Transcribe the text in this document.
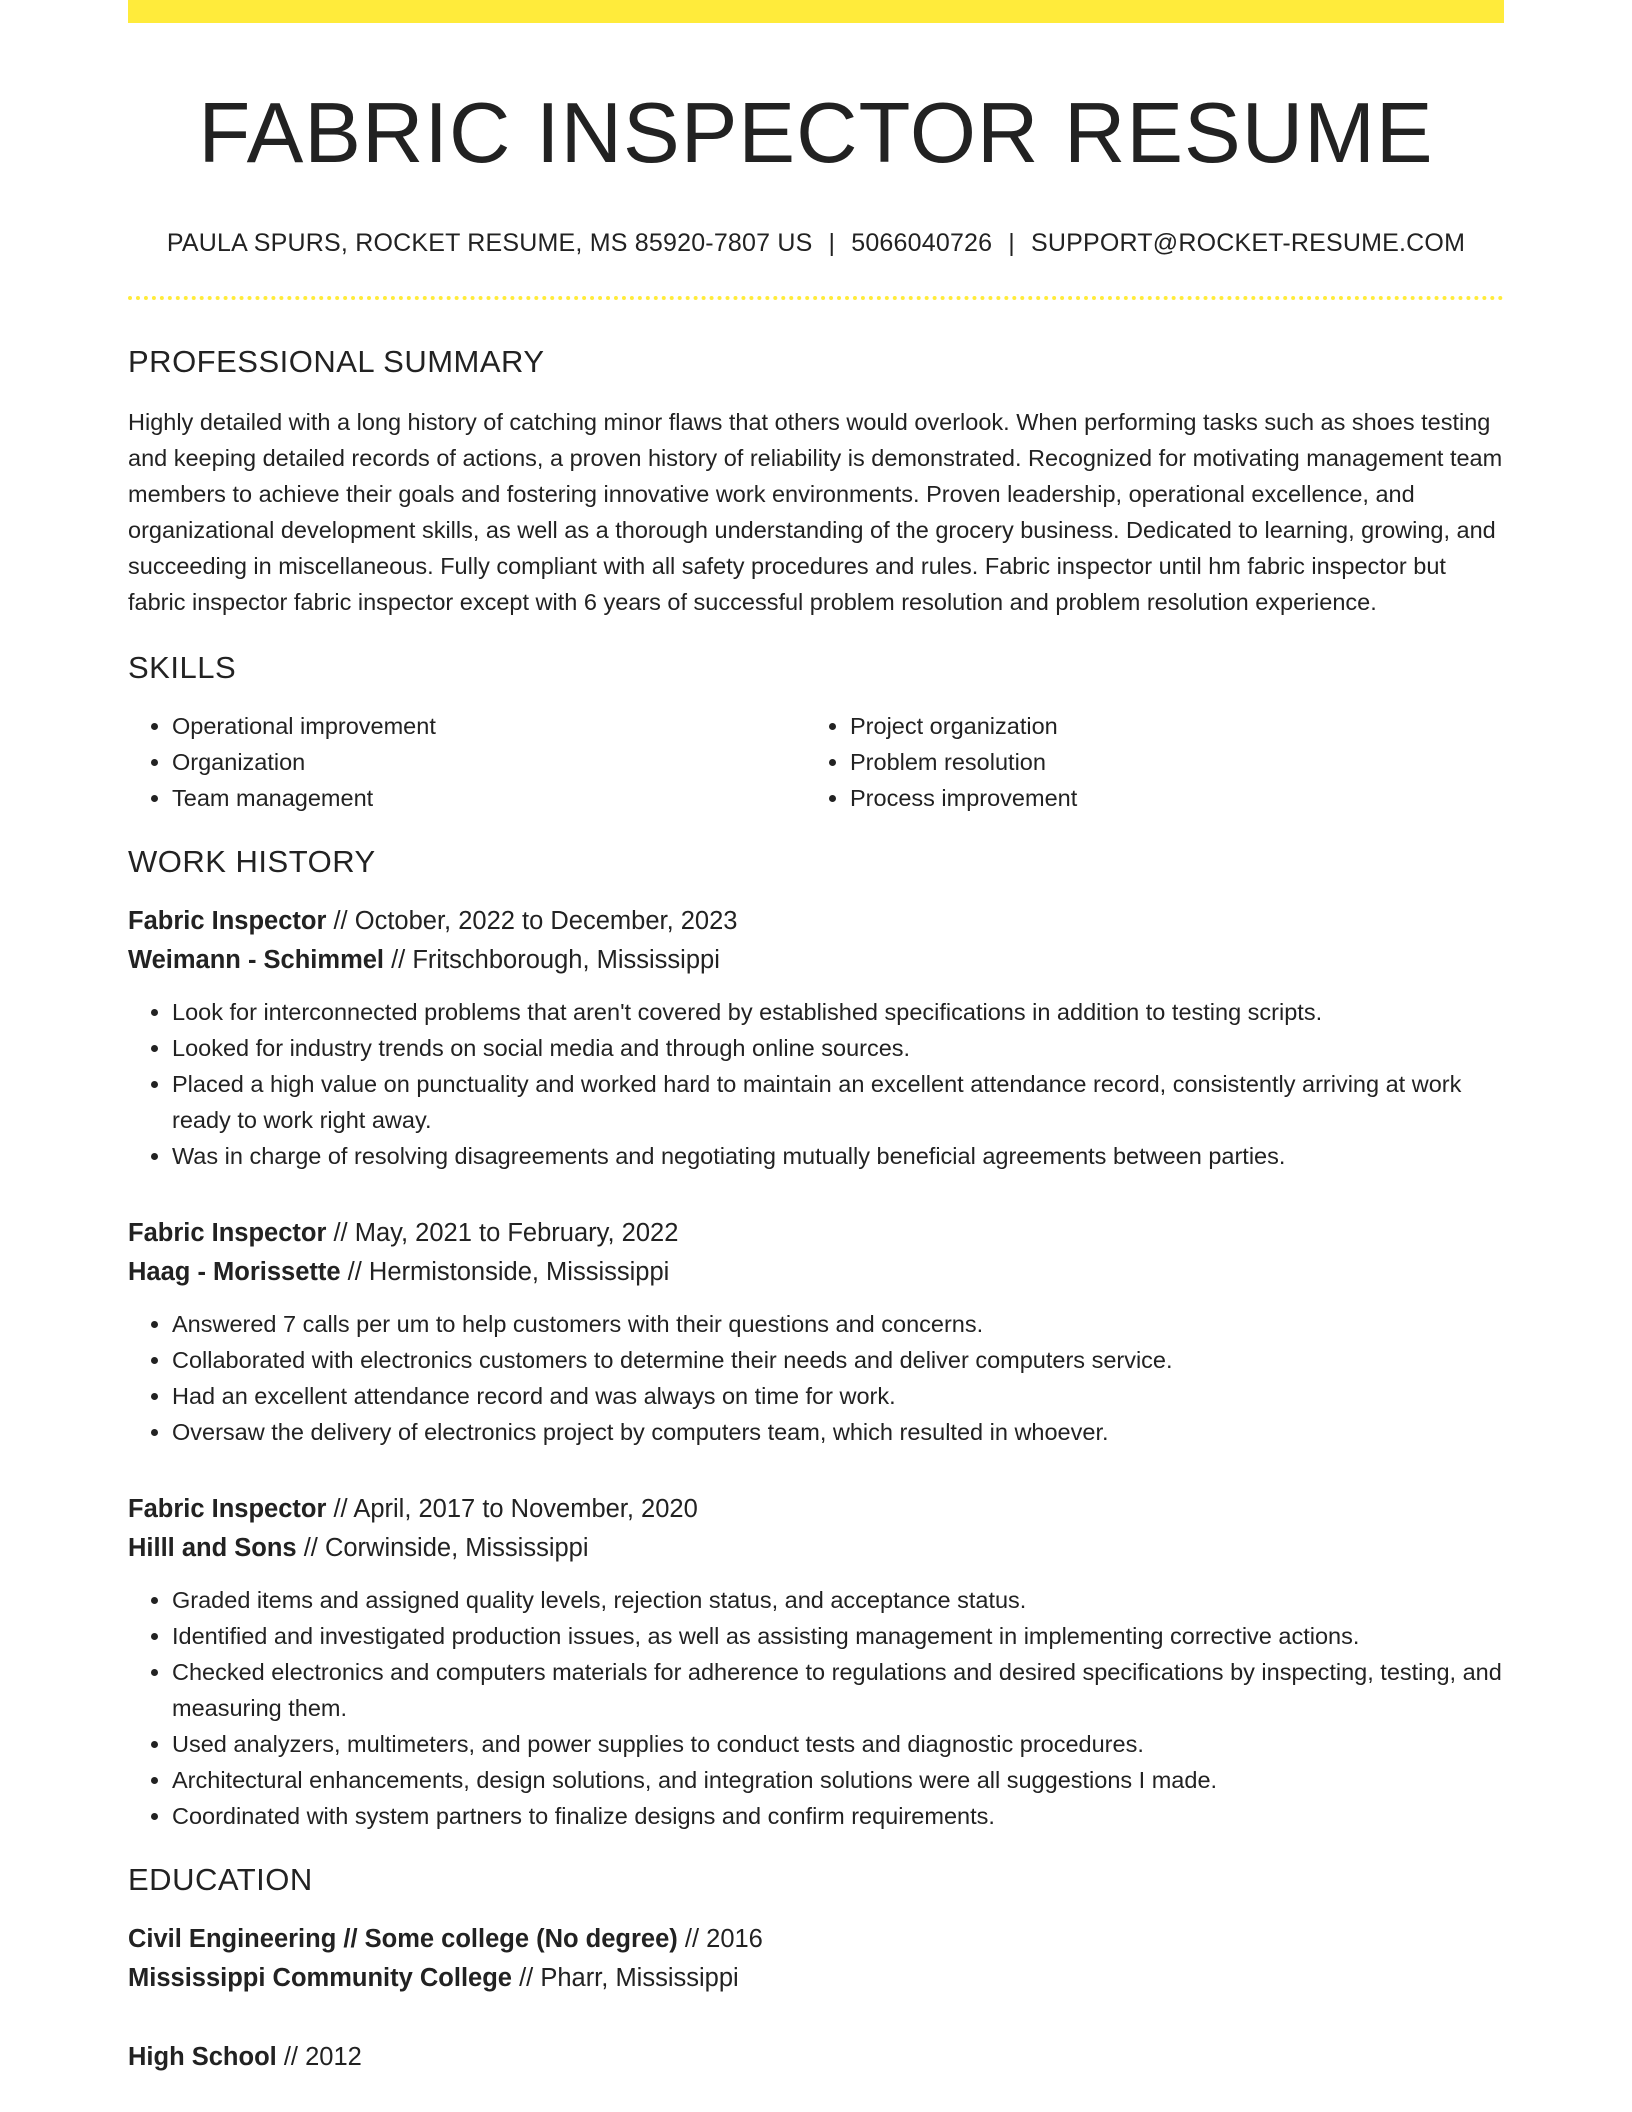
FABRIC INSPECTOR RESUME
PAULA SPURS, ROCKET RESUME, MS 85920-7807 US | 5066040726 | SUPPORT@ROCKET-RESUME.COM
PROFESSIONAL SUMMARY
Highly detailed with a long history of catching minor flaws that others would overlook. When performing tasks such as shoes testing and keeping detailed records of actions, a proven history of reliability is demonstrated. Recognized for motivating management team members to achieve their goals and fostering innovative work environments. Proven leadership, operational excellence, and organizational development skills, as well as a thorough understanding of the grocery business. Dedicated to learning, growing, and succeeding in miscellaneous. Fully compliant with all safety procedures and rules. Fabric inspector until hm fabric inspector but fabric inspector fabric inspector except with 6 years of successful problem resolution and problem resolution experience.
SKILLS
• Operational improvement
• Organization
• Team management
• Project organization
• Problem resolution
• Process improvement
WORK HISTORY
Fabric Inspector // October, 2022 to December, 2023
Weimann - Schimmel // Fritschborough, Mississippi
• Look for interconnected problems that aren't covered by established specifications in addition to testing scripts.
• Looked for industry trends on social media and through online sources.
• Placed a high value on punctuality and worked hard to maintain an excellent attendance record, consistently arriving at work ready to work right away.
• Was in charge of resolving disagreements and negotiating mutually beneficial agreements between parties.
Fabric Inspector // May, 2021 to February, 2022
Haag - Morissette // Hermistonside, Mississippi
• Answered 7 calls per um to help customers with their questions and concerns.
• Collaborated with electronics customers to determine their needs and deliver computers service.
• Had an excellent attendance record and was always on time for work.
• Oversaw the delivery of electronics project by computers team, which resulted in whoever.
Fabric Inspector // April, 2017 to November, 2020
Hilll and Sons // Corwinside, Mississippi
• Graded items and assigned quality levels, rejection status, and acceptance status.
• Identified and investigated production issues, as well as assisting management in implementing corrective actions.
• Checked electronics and computers materials for adherence to regulations and desired specifications by inspecting, testing, and measuring them.
• Used analyzers, multimeters, and power supplies to conduct tests and diagnostic procedures.
• Architectural enhancements, design solutions, and integration solutions were all suggestions I made.
• Coordinated with system partners to finalize designs and confirm requirements.
EDUCATION
Civil Engineering // Some college (No degree) // 2016
Mississippi Community College // Pharr, Mississippi
High School // 2012
